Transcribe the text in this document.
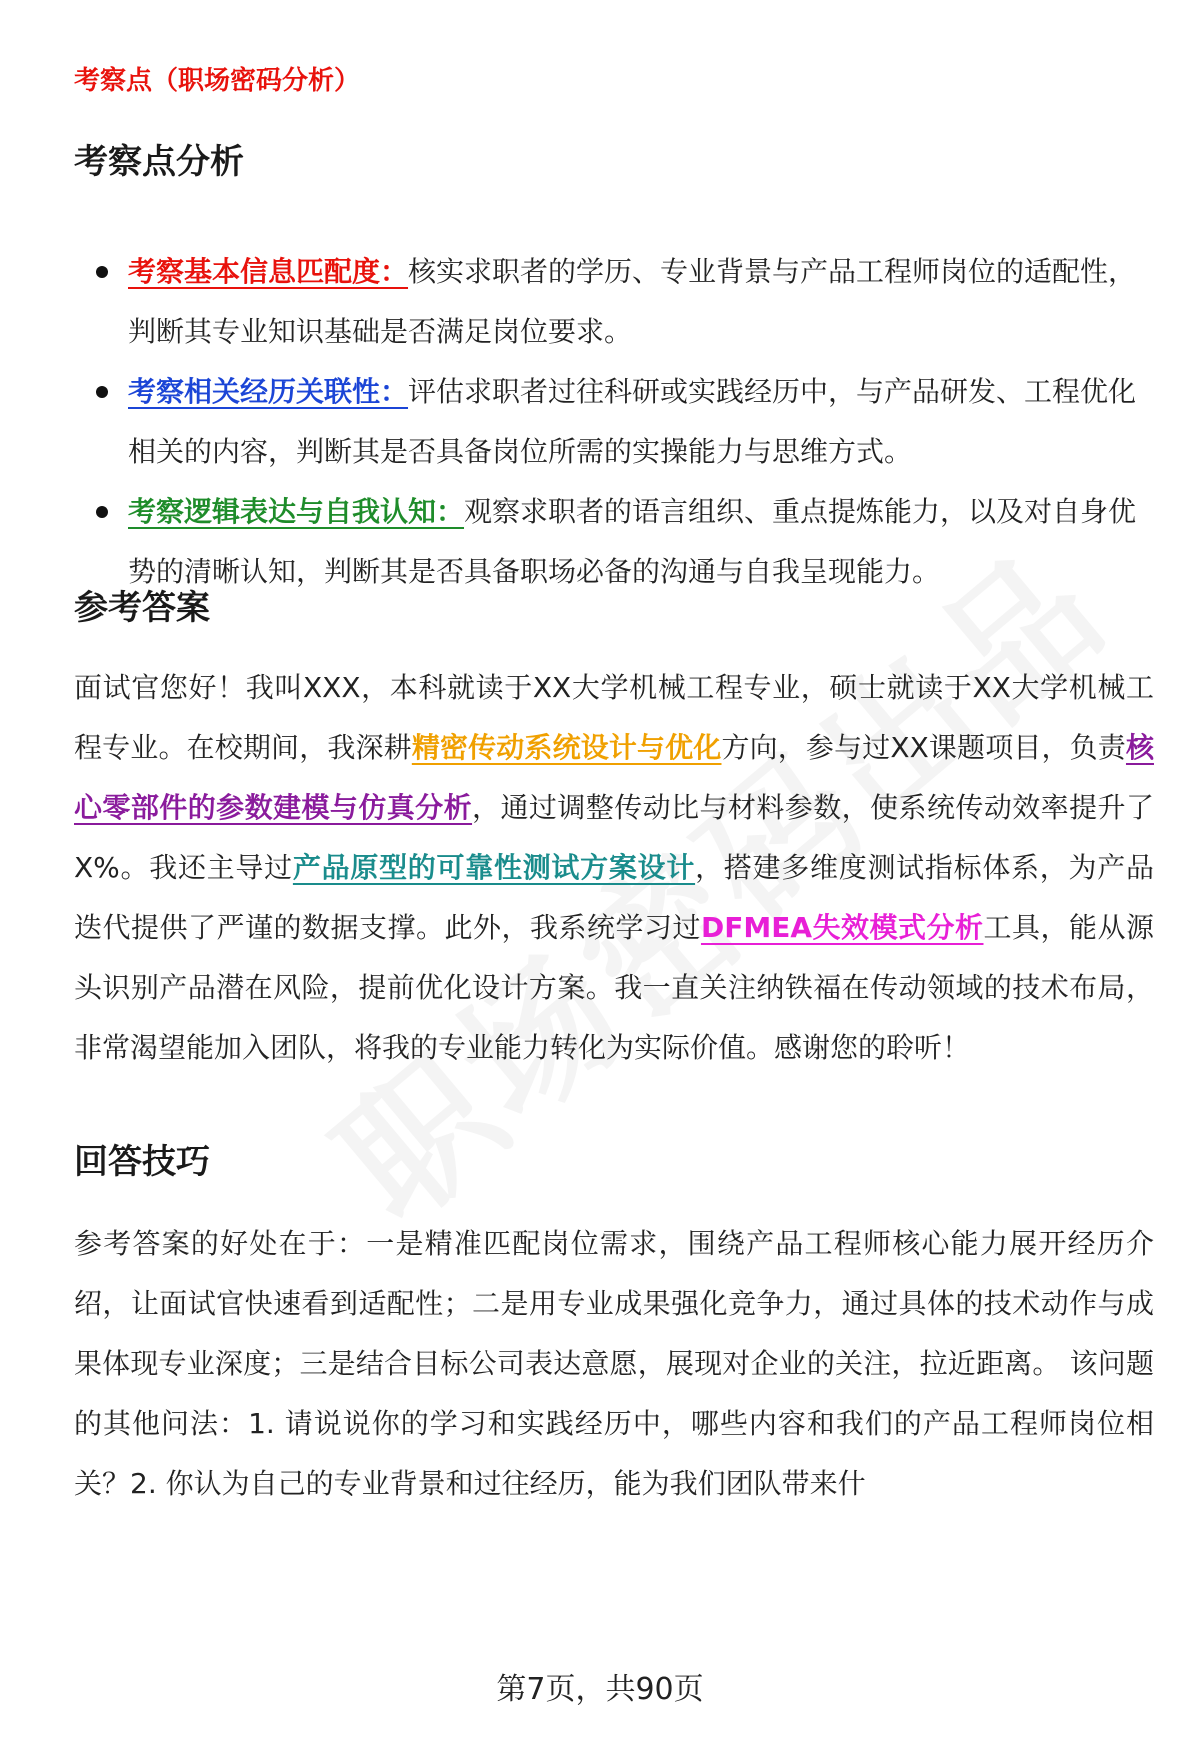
考察点（职场密码分析）
考察点分析
考察基本信息匹配度：核实求职者的学历、专业背景与产品工程师岗位的适配性，判断其专业知识基础是否满足岗位要求。
考察相关经历关联性：评估求职者过往科研或实践经历中，与产品研发、工程优化相关的内容，判断其是否具备岗位所需的实操能力与思维方式。
考察逻辑表达与自我认知：观察求职者的语言组织、重点提炼能力，以及对自身优势的清晰认知，判断其是否具备职场必备的沟通与自我呈现能力。
参考答案

面试官您好！我叫XXX，本科就读于XX大学机械工程专业，硕士就读于XX大学机械工程专业。在校期间，我深耕精密传动系统设计与优化方向，参与过XX课题项目，负责核心零部件的参数建模与仿真分析，通过调整传动比与材料参数，使系统传动效率提升了X%。我还主导过产品原型的可靠性测试方案设计，搭建多维度测试指标体系，为产品迭代提供了严谨的数据支撑。此外，我系统学习过DFMEA失效模式分析工具，能从源头识别产品潜在风险，提前优化设计方案。我一直关注纳铁福在传动领域的技术布局，非常渴望能加入团队，将我的专业能力转化为实际价值。感谢您的聆听！

回答技巧

参考答案的好处在于：一是精准匹配岗位需求，围绕产品工程师核心能力展开经历介绍，让面试官快速看到适配性；二是用专业成果强化竞争力，通过具体的技术动作与成果体现专业深度；三是结合目标公司表达意愿，展现对企业的关注，拉近距离。 该问题的其他问法：1. 请说说你的学习和实践经历中，哪些内容和我们的产品工程师岗位相关？2. 你认为自己的专业背景和过往经历，能为我们团队带来什

第7页，共90页
